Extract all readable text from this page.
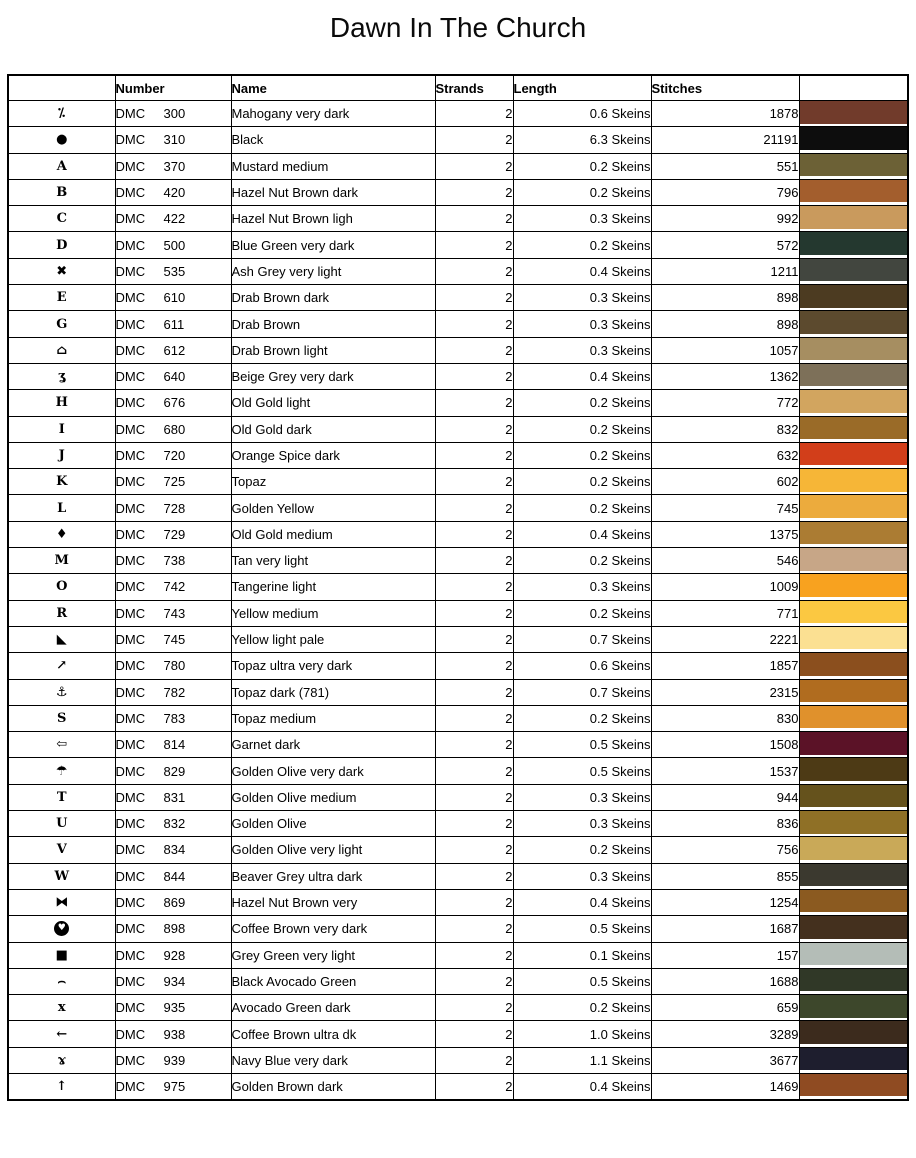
Dawn In The Church
	Number	Name	Strands	Length	Stitches	
⁒	DMC 300	Mahogany very dark	2	0.6 Skeins	1878	

●	DMC 310	Black	2	6.3 Skeins	21191	

A	DMC 370	Mustard medium	2	0.2 Skeins	551	

B	DMC 420	Hazel Nut Brown dark	2	0.2 Skeins	796	

C	DMC 422	Hazel Nut Brown ligh	2	0.3 Skeins	992	

D	DMC 500	Blue Green very dark	2	0.2 Skeins	572	

✖	DMC 535	Ash Grey very light	2	0.4 Skeins	1211	

E	DMC 610	Drab Brown dark	2	0.3 Skeins	898	

G	DMC 611	Drab Brown	2	0.3 Skeins	898	

⌂	DMC 612	Drab Brown light	2	0.3 Skeins	1057	

ʓ	DMC 640	Beige Grey very dark	2	0.4 Skeins	1362	

H	DMC 676	Old Gold light	2	0.2 Skeins	772	

I	DMC 680	Old Gold dark	2	0.2 Skeins	832	

J	DMC 720	Orange Spice dark	2	0.2 Skeins	632	

K	DMC 725	Topaz	2	0.2 Skeins	602	

L	DMC 728	Golden Yellow	2	0.2 Skeins	745	

♦	DMC 729	Old Gold medium	2	0.4 Skeins	1375	

M	DMC 738	Tan very light	2	0.2 Skeins	546	

O	DMC 742	Tangerine light	2	0.3 Skeins	1009	

R	DMC 743	Yellow medium	2	0.2 Skeins	771	

◣	DMC 745	Yellow light pale	2	0.7 Skeins	2221	

↗	DMC 780	Topaz ultra very dark	2	0.6 Skeins	1857	

⚓	DMC 782	Topaz dark (781)	2	0.7 Skeins	2315	

S	DMC 783	Topaz medium	2	0.2 Skeins	830	

⇦	DMC 814	Garnet dark	2	0.5 Skeins	1508	

☂	DMC 829	Golden Olive very dark	2	0.5 Skeins	1537	

T	DMC 831	Golden Olive medium	2	0.3 Skeins	944	

U	DMC 832	Golden Olive	2	0.3 Skeins	836	

V	DMC 834	Golden Olive very light	2	0.2 Skeins	756	

W	DMC 844	Beaver Grey ultra dark	2	0.3 Skeins	855	

⧓	DMC 869	Hazel Nut Brown very	2	0.4 Skeins	1254	

♥	DMC 898	Coffee Brown very dark	2	0.5 Skeins	1687	

■	DMC 928	Grey Green very light	2	0.1 Skeins	157	

⌢	DMC 934	Black Avocado Green	2	0.5 Skeins	1688	

x	DMC 935	Avocado Green dark	2	0.2 Skeins	659	

←	DMC 938	Coffee Brown ultra dk	2	1.0 Skeins	3289	

ɤ	DMC 939	Navy Blue very dark	2	1.1 Skeins	3677	

↑	DMC 975	Golden Brown dark	2	0.4 Skeins	1469	
